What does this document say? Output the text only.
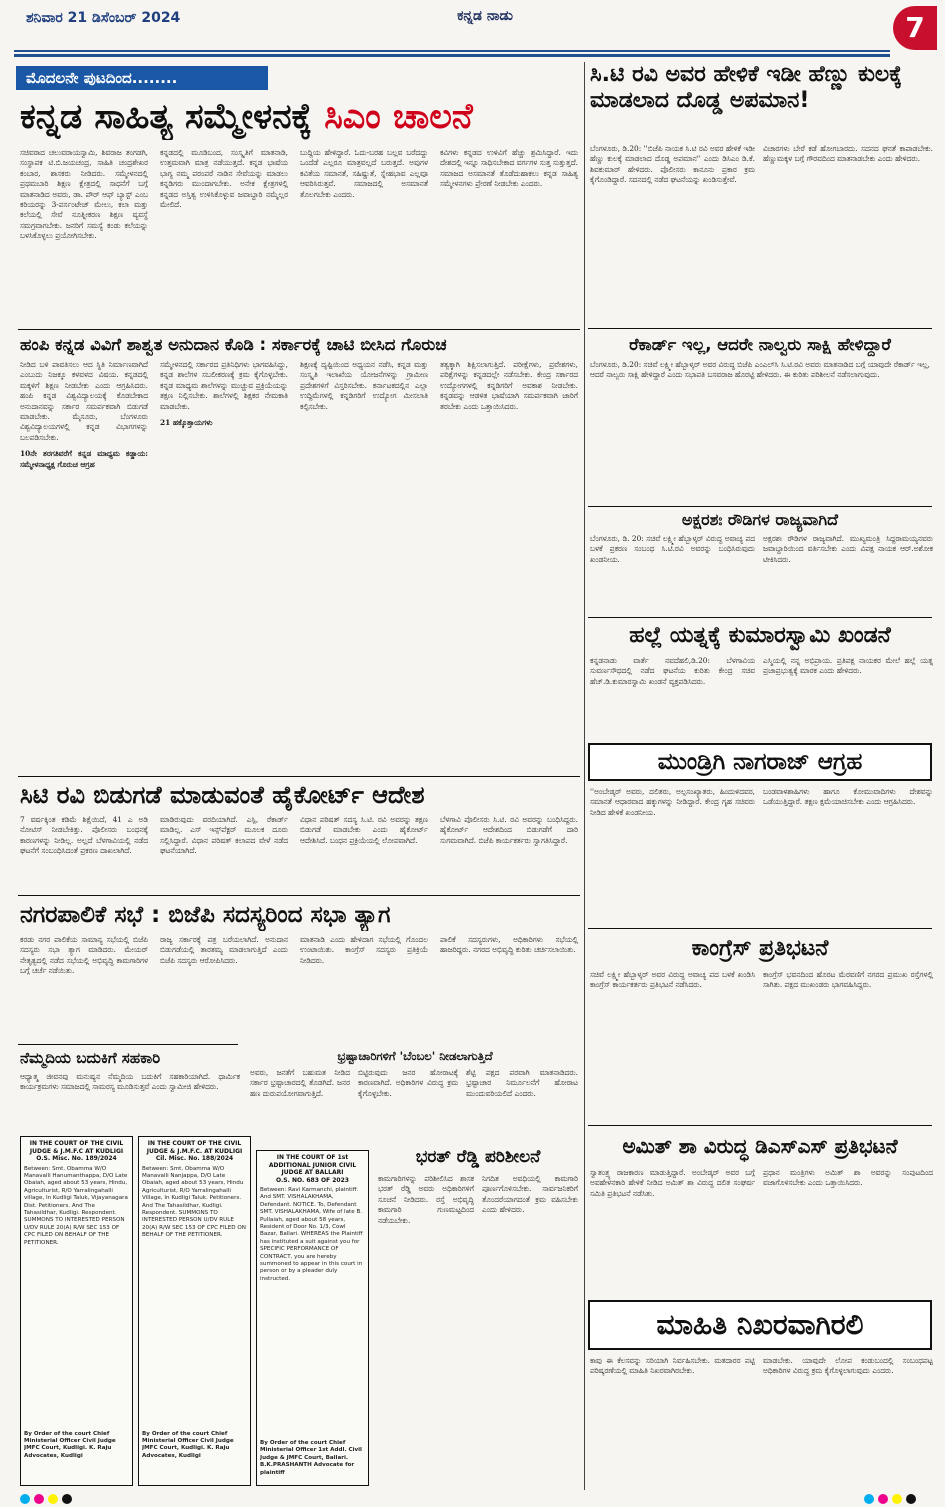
ಶನಿವಾರ 21 ಡಿಸೆಂಬರ್ 2024	ಕನ್ನಡ ನಾಡು	7
ಮೊದಲನೇ ಪುಟದಿಂದ........
ಕನ್ನಡ ಸಾಹಿತ್ಯ ಸಮ್ಮೇಳನಕ್ಕೆ ಸಿಎಂ ಚಾಲನೆ
ಸಚಿವರಾದ ಚಲುವರಾಯಸ್ವಾಮಿ, ಶಿವರಾಜ ತಂಗಡಗಿ, ಸಂಸ್ಥಾಪಕ ಟಿ.ಬಿ.ಜಯಚಂದ್ರ, ಸಾಹಿತಿ ಚಂದ್ರಶೇಖರ ಕಂಬಾರ, ಶಾಸಕರು ನೀಡಿದರು. ಸಮ್ಮೇಳನದಲ್ಲಿ ಪ್ರಥಮಬಾರಿ ಶಿಕ್ಷಣ ಕ್ಷೇತ್ರದಲ್ಲಿ ಸಾಧನೆಗೆ ಬಗ್ಗೆ ಮಾತನಾಡಿದ ಅವರು, ಡಾ. ಪೌರ್ ಆಫ್ ಬ್ಯಾಸ್ಟ್ ಎಂಬ ಕರಿಯರನ್ನು 3-ಪರ್ಸಂಟೇಜ್ ಮೇಲು, ಕಲಾ ಮತ್ತು ಕಲೆಯಲ್ಲಿ ಸೇವೆ ನೂತ್ನೀಕರಣ ಶಿಕ್ಷಣ ವ್ಯವಸ್ಥೆ ಸಮಗ್ರವಾಗಬೇಕು. ಜನರಿಗೆ ಸಮಸ್ಯೆ ಕಂಡು ಕಲೆಯನ್ನು ಬಳಸಿಕೊಳ್ಳಲು ಪ್ರಯೋಗಿಸಬೇಕು.
ಕನ್ನಡದಲ್ಲಿ ಮೂಡಿಬಂದ, ಸಂಸ್ಕೃತಿಗೆ ಮಾತನಾಡಿ, ಉತ್ತಮವಾಗಿ ಮಾತ್ರ ನಡೆಯುತ್ತದೆ. ಕನ್ನಡ ಭಾಷೆಯ ಭಾಗ್ಯ ನಮ್ಮ ಪರಂಪರೆ ನಾಡಿನ ಸೇವೆಯನ್ನು ಮಾಡಲು ಕನ್ನಡಿಗರು ಮುಂದಾಗಬೇಕು. ಅನೇಕ ಕ್ಷೇತ್ರಗಳಲ್ಲಿ ಕನ್ನಡದ ಅಸ್ತಿತ್ವ ಉಳಿಸಿಕೊಳ್ಳುವ ಜವಾಬ್ದಾರಿ ನಮ್ಮೆಲ್ಲರ ಮೇಲಿದೆ.
ಬುದ್ದಿಯ ಹೇಳಿದ್ದಾರೆ. ಓದು-ಬರಹ ಬಲ್ಲವ ಬರೆದದ್ದು ಒಂದೆಡೆ ಎಲ್ಲರೂ ಮಾತ್ರವಲ್ಲದೆ ಬರುತ್ತದೆ. ಅವುಗಳ ಕವಿತೆಯ ಸಮಾನತೆ, ಸಹಿಷ್ಣುತೆ, ಸ್ನೇಹಭಾವ ಎಲ್ಲವೂ ಆವರಿಸಿರುತ್ತವೆ. ಸಮಾಜದಲ್ಲಿ ಅಸಮಾನತೆ ತೊಲಗಬೇಕು ಎಂದರು.
ಕವಿಗಳು ಕನ್ನಡದ ಉಳಿವಿಗೆ ಹೆಚ್ಚು ಶ್ರಮಿಸಿದ್ದಾರೆ. ಇದು ದೇಶದಲ್ಲಿ ಇನ್ನೂ ಸಾಧಿಸಬೇಕಾದ ವರ್ಗಗಳ ಸುತ್ತ ಸುತ್ತುತ್ತದೆ. ಸಮಾಜದ ಅಸಮಾನತೆ ತೊಡೆದುಹಾಕಲು ಕನ್ನಡ ಸಾಹಿತ್ಯ ಸಮ್ಮೇಳನಗಳು ಪ್ರೇರಣೆ ನೀಡಬೇಕು ಎಂದರು.
ಹಂಪಿ ಕನ್ನಡ ವಿವಿಗೆ ಶಾಶ್ವತ ಅನುದಾನ ಕೊಡಿ : ಸರ್ಕಾರಕ್ಕೆ ಚಾಟಿ ಬೀಸಿದ ಗೊರುಚ
ನೀಡಿದ ಬಳಿ ಪಾವತಿಸಲು ಆದ ಸ್ಥಿತಿ ನಿರ್ಮಾಣವಾಗಿದೆ ಎಂಬುದು ನಿಜಕ್ಕೂ ಕಳವಳದ ವಿಷಯ. ಕನ್ನಡದಲ್ಲಿ ಮಕ್ಕಳಿಗೆ ಶಿಕ್ಷಣ ನೀಡಬೇಕು ಎಂದು ಆಗ್ರಹಿಸಿದರು. ಹಂಪಿ ಕನ್ನಡ ವಿಶ್ವವಿದ್ಯಾಲಯಕ್ಕೆ ಕೊಡಬೇಕಾದ ಅನುದಾನವನ್ನು ಸರ್ಕಾರ ಸಮರ್ಪಕವಾಗಿ ಬಿಡುಗಡೆ ಮಾಡಬೇಕು. ಮೈಸೂರು, ಬೆಂಗಳೂರು ವಿಶ್ವವಿದ್ಯಾಲಯಗಳಲ್ಲಿ ಕನ್ನಡ ವಿಭಾಗಗಳನ್ನು ಬಲಪಡಿಸಬೇಕು.
10ನೇ ತರಗತಿವರೆಗೆ ಕನ್ನಡ ಮಾಧ್ಯಮ ಕಡ್ಡಾಯ: ಸಮ್ಮೇಳನಾಧ್ಯಕ್ಷ ಗೊರುಚ ಆಗ್ರಹ
ಸಮ್ಮೇಳನದಲ್ಲಿ ಸರ್ಕಾರದ ಪ್ರತಿನಿಧಿಗಳು ಭಾಗವಹಿಸಿದ್ದು, ಕನ್ನಡ ಶಾಲೆಗಳ ಸಬಲೀಕರಣಕ್ಕೆ ಕ್ರಮ ಕೈಗೊಳ್ಳಬೇಕು. ಕನ್ನಡ ಮಾಧ್ಯಮ ಶಾಲೆಗಳನ್ನು ಮುಚ್ಚುವ ಪ್ರಕ್ರಿಯೆಯನ್ನು ತಕ್ಷಣ ನಿಲ್ಲಿಸಬೇಕು. ಶಾಲೆಗಳಲ್ಲಿ ಶಿಕ್ಷಕರ ನೇಮಕಾತಿ ಮಾಡಬೇಕು.
21 ಹಕ್ಕೊತ್ತಾಯಗಳು
ಶಿಕ್ಷಣಕ್ಕೆ ದೃಷ್ಟಿಯಿಂದ ಅಧ್ಯಯನ ನಡೆಸಿ, ಕನ್ನಡ ಮತ್ತು ಸಂಸ್ಕೃತಿ ಇಲಾಖೆಯ ಯೋಜನೆಗಳನ್ನು ಗ್ರಾಮೀಣ ಪ್ರದೇಶಗಳಿಗೆ ವಿಸ್ತರಿಸಬೇಕು. ಕರ್ನಾಟಕದಲ್ಲಿನ ಎಲ್ಲಾ ಉದ್ದಿಮೆಗಳಲ್ಲಿ ಕನ್ನಡಿಗರಿಗೆ ಉದ್ಯೋಗ ಮೀಸಲಾತಿ ಕಲ್ಪಿಸಬೇಕು.
ತತ್ವಕ್ಕಾಗಿ ಶಿಕ್ಷಿಸಲಾಗುತ್ತಿದೆ. ಪರೀಕ್ಷೆಗಳು, ಪ್ರವೇಶಗಳು, ಪರಿಕ್ಷೆಗಳನ್ನು ಕನ್ನಡದಲ್ಲೇ ನಡೆಸಬೇಕು. ಕೇಂದ್ರ ಸರ್ಕಾರದ ಉದ್ಯೋಗಗಳಲ್ಲಿ ಕನ್ನಡಿಗರಿಗೆ ಅವಕಾಶ ನೀಡಬೇಕು. ಕನ್ನಡವನ್ನು ಆಡಳಿತ ಭಾಷೆಯಾಗಿ ಸಮರ್ಪಕವಾಗಿ ಜಾರಿಗೆ ತರಬೇಕು ಎಂದು ಒತ್ತಾಯಿಸಿದರು.
ಸಿಟಿ ರವಿ ಬಿಡುಗಡೆ ಮಾಡುವಂತೆ ಹೈಕೋರ್ಟ್ ಆದೇಶ
7 ವರ್ಷಕ್ಕಿಂತ ಕಡಿಮೆ ಶಿಕ್ಷೆಯಿದೆ, 41 ಎ ಅಡಿ ನೋಟಿಸ್ ನೀಡಬೇಕಿತ್ತು. ಪೊಲೀಸರು ಬಂಧನಕ್ಕೆ ಕಾರಣಗಳನ್ನು ನೀಡಿಲ್ಲ. ಅಲ್ಲದೆ ಬೆಳಗಾವಿಯಲ್ಲಿ ನಡೆದ ಘಟನೆಗೆ ಸಂಬಂಧಿಸಿದಂತೆ ಪ್ರಕರಣ ದಾಖಲಾಗಿದೆ.
ಮಾಡಿರುವುದು ವರದಿಯಾಗಿದೆ. ಎಸ್ಪಿ, ರೆಕಾರ್ಡ್ ಮಾಡಿಲ್ಲ. ಎಸ್ ಇನ್ಸ್‌ಪೆಕ್ಟರ್ ಮೂಲಕ ದೂರು ಸಲ್ಲಿಸಿದ್ದಾರೆ. ವಿಧಾನ ಪರಿಷತ್ ಕಲಾಪದ ವೇಳೆ ನಡೆದ ಘಟನೆಯಾಗಿದೆ.
ವಿಧಾನ ಪರಿಷತ್ ಸದಸ್ಯ ಸಿ.ಟಿ. ರವಿ ಅವರನ್ನು ತಕ್ಷಣ ಬಿಡುಗಡೆ ಮಾಡಬೇಕು ಎಂದು ಹೈಕೋರ್ಟ್ ಆದೇಶಿಸಿದೆ. ಬಂಧನ ಪ್ರಕ್ರಿಯೆಯಲ್ಲಿ ಲೋಪವಾಗಿದೆ.
ಬೆಳಗಾವಿ ಪೊಲೀಸರು ಸಿ.ಟಿ. ರವಿ ಅವರನ್ನು ಬಂಧಿಸಿದ್ದರು. ಹೈಕೋರ್ಟ್ ಆದೇಶದಿಂದ ಬಿಡುಗಡೆಗೆ ದಾರಿ ಸುಗಮವಾಗಿದೆ. ಬಿಜೆಪಿ ಕಾರ್ಯಕರ್ತರು ಸ್ವಾಗತಿಸಿದ್ದಾರೆ.
ನಗರಪಾಲಿಕೆ ಸಭೆ : ಬಿಜೆಪಿ ಸದಸ್ಯರಿಂದ ಸಭಾ ತ್ಯಾಗ
ಕರಡು ನಗರ ಪಾಲಿಕೆಯ ಸಾಮಾನ್ಯ ಸಭೆಯಲ್ಲಿ ಬಿಜೆಪಿ ಸದಸ್ಯರು ಸಭಾ ತ್ಯಾಗ ಮಾಡಿದರು. ಮೇಯರ್ ನೇತೃತ್ವದಲ್ಲಿ ನಡೆದ ಸಭೆಯಲ್ಲಿ ಅಭಿವೃದ್ಧಿ ಕಾಮಗಾರಿಗಳ ಬಗ್ಗೆ ಚರ್ಚೆ ನಡೆಯಿತು.
ರಾಜ್ಯ ಸರ್ಕಾರಕ್ಕೆ ಪತ್ರ ಬರೆಯಲಾಗಿದೆ. ಅನುದಾನ ಬಿಡುಗಡೆಯಲ್ಲಿ ತಾರತಮ್ಯ ಮಾಡಲಾಗುತ್ತಿದೆ ಎಂದು ಬಿಜೆಪಿ ಸದಸ್ಯರು ಆರೋಪಿಸಿದರು.
ಮಾತನಾಡಿ ಎಂದು ಹೇಳಿದಾಗ ಸಭೆಯಲ್ಲಿ ಗೊಂದಲ ಉಂಟಾಯಿತು. ಕಾಂಗ್ರೆಸ್ ಸದಸ್ಯರು ಪ್ರತಿಕ್ರಿಯೆ ನೀಡಿದರು.
ಪಾಲಿಕೆ ಸದಸ್ಯರುಗಳು, ಅಧಿಕಾರಿಗಳು ಸಭೆಯಲ್ಲಿ ಹಾಜರಿದ್ದರು. ನಗರದ ಅಭಿವೃದ್ಧಿ ಕುರಿತು ಚರ್ಚಿಸಲಾಯಿತು.
ನೆಮ್ಮದಿಯ ಬದುಕಿಗೆ ಸಹಕಾರಿ
ಆಧ್ಯಾತ್ಮ ಜೀವನವು ಮನುಷ್ಯನ ನೆಮ್ಮದಿಯ ಬದುಕಿಗೆ ಸಹಕಾರಿಯಾಗಿದೆ. ಧಾರ್ಮಿಕ ಕಾರ್ಯಕ್ರಮಗಳು ಸಮಾಜದಲ್ಲಿ ಸಾಮರಸ್ಯ ಮೂಡಿಸುತ್ತವೆ ಎಂದು ಸ್ವಾಮೀಜಿ ಹೇಳಿದರು.
ಭ್ರಷ್ಟಾಚಾರಿಗಳಿಗೆ 'ಬೆಂಬಲ' ನೀಡಲಾಗುತ್ತಿದೆ
ಅವರು, ಜನತೆಗೆ ಬಹುಮತ ನೀಡಿದ ಸರ್ಕಾರ ಭ್ರಷ್ಟಾಚಾರದಲ್ಲಿ ತೊಡಗಿದೆ. ಜನರ ಹಣ ದುರುಪಯೋಗವಾಗುತ್ತಿದೆ.
ಬಿಟ್ಟಿರುವುದು ಜನರ ಹೋರಾಟಕ್ಕೆ ಕಾರಣವಾಗಿದೆ. ಅಧಿಕಾರಿಗಳ ವಿರುದ್ಧ ಕ್ರಮ ಕೈಗೊಳ್ಳಬೇಕು.
ಶೆಟ್ಟಿ ಪಕ್ಷದ ಪರವಾಗಿ ಮಾತನಾಡಿದರು. ಭ್ರಷ್ಟಾಚಾರ ನಿರ್ಮೂಲನೆಗೆ ಹೋರಾಟ ಮುಂದುವರಿಯಲಿದೆ ಎಂದರು.
IN THE COURT OF THE CIVIL JUDGE & J.M.F.C AT KUDLIGI
O.S. Misc. No. 189/2024
Between: Smt. Obamma W/O Manavalli Hanumanthappa, D/O Late Obaiah, aged about 53 years, Hindu, Agriculturist, R/O Yarralingahalli village, In Kudligi Taluk, Vijayanagara Dist. Petitioners. And The Tahasildhar, Kudligi. Respondent. SUMMONS TO INTERESTED PERSON U/DV RULE 20(A) R/W SEC 153 OF CPC FILED ON BEHALF OF THE PETITIONER.
By Order of the court Chief Ministerial Officer Civil Judge JMFC Court, Kudligi. K. Raju Advocates, Kudligi
IN THE COURT OF THE CIVIL JUDGE & J.M.F.C. AT KUDLIGI
Cil. Misc. No. 188/2024
Between: Smt. Obamma W/O Manavalli Nanjappa, D/O Late Obaiah, aged about 53 years, Hindu Agriculturist, R/O Yarralingahalli Village, In Kudligi Taluk. Petitioners. And The Tahasildhar, Kudligi. Respondent. SUMMONS TO INTERESTED PERSON U/DV RULE 20(A) R/W SEC 153 OF CPC FILED ON BEHALF OF THE PETITIONER.
By Order of the court Chief Ministerial Officer Civil Judge JMFC Court, Kudligi. K. Raju Advocates, Kudligi
IN THE COURT OF 1st ADDITIONAL JUNIOR CIVIL JUDGE AT BALLARI
O.S. NO. 683 OF 2023
Between: Ravi Karmanchi, plaintiff. And SMT. VISHALAKHAMA, Defendant. NOTICE. To, Defendant SMT. VISHALAKHAMA, Wife of late B. Pullaiah, aged about 58 years, Resident of Door No. 1/3, Cowl Bazar, Ballari. WHEREAS the Plaintiff has instituted a suit against you for SPECIFIC PERFORMANCE OF CONTRACT, you are hereby summoned to appear in this court in person or by a pleader duly instructed.
By Order of the court Chief Ministerial Officer 1st Addl. Civil Judge & JMFC Court, Ballari. B.K.PRASHANTH Advocate for plaintiff
ಭರತ್ ರೆಡ್ಡಿ ಪರಿಶೀಲನೆ
ಕಾಮಗಾರಿಗಳನ್ನು ಪರಿಶೀಲಿಸಿದ ಶಾಸಕ ಭರತ್ ರೆಡ್ಡಿ ಅವರು ಅಧಿಕಾರಿಗಳಿಗೆ ಸೂಚನೆ ನೀಡಿದರು. ರಸ್ತೆ ಅಭಿವೃದ್ಧಿ ಕಾಮಗಾರಿ ಗುಣಮಟ್ಟದಿಂದ ನಡೆಯಬೇಕು.
ನಿಗದಿತ ಅವಧಿಯಲ್ಲಿ ಕಾಮಗಾರಿ ಪೂರ್ಣಗೊಳಿಸಬೇಕು. ಸಾರ್ವಜನಿಕರಿಗೆ ತೊಂದರೆಯಾಗದಂತೆ ಕ್ರಮ ವಹಿಸಬೇಕು ಎಂದು ಹೇಳಿದರು.
ಸಿ.ಟಿ ರವಿ ಅವರ ಹೇಳಿಕೆ ಇಡೀ ಹೆಣ್ಣು ಕುಲಕ್ಕೆ ಮಾಡಲಾದ ದೊಡ್ಡ ಅಪಮಾನ!
ಬೆಂಗಳೂರು, ಡಿ.20: ''ಬಿಜೆಪಿ ನಾಯಕ ಸಿ.ಟಿ ರವಿ ಅವರ ಹೇಳಿಕೆ ಇಡೀ ಹೆಣ್ಣು ಕುಲಕ್ಕೆ ಮಾಡಲಾದ ದೊಡ್ಡ ಅಪಮಾನ'' ಎಂದು ಡಿಸಿಎಂ ಡಿ.ಕೆ. ಶಿವಕುಮಾರ್ ಹೇಳಿದರು. ಪೊಲೀಸರು ಕಾನೂನು ಪ್ರಕಾರ ಕ್ರಮ ಕೈಗೊಂಡಿದ್ದಾರೆ. ಸದನದಲ್ಲಿ ನಡೆದ ಘಟನೆಯನ್ನು ಖಂಡಿಸುತ್ತೇವೆ.
ವಿಚಾರಗಳು ಬೇರೆ ಕಡೆ ಹೋಗಬಾರದು. ಸದನದ ಘನತೆ ಕಾಪಾಡಬೇಕು. ಹೆಣ್ಣುಮಕ್ಕಳ ಬಗ್ಗೆ ಗೌರವದಿಂದ ಮಾತನಾಡಬೇಕು ಎಂದು ಹೇಳಿದರು.
ರೆಕಾರ್ಡ್ ಇಲ್ಲ, ಆದರೇ ನಾಲ್ವರು ಸಾಕ್ಷಿ ಹೇಳಿದ್ದಾರೆ
ಬೆಂಗಳೂರು, ಡಿ.20: ಸಚಿವೆ ಲಕ್ಷ್ಮೀ ಹೆಬ್ಬಾಳ್ಕರ್ ಅವರ ವಿರುದ್ಧ ಬಿಜೆಪಿ ಎಂಎಲ್‌ಸಿ ಸಿ.ಟಿ.ರವಿ ಅವರು ಮಾತನಾಡಿದ ಬಗ್ಗೆ ಯಾವುದೇ ರೆಕಾರ್ಡ್ ಇಲ್ಲ, ಆದರೆ ನಾಲ್ವರು ಸಾಕ್ಷಿ ಹೇಳಿದ್ದಾರೆ ಎಂದು ಸಭಾಪತಿ ಬಸವರಾಜ ಹೊರಟ್ಟಿ ಹೇಳಿದರು. ಈ ಕುರಿತು ಪರಿಶೀಲನೆ ನಡೆಸಲಾಗುವುದು.
ಅಕ್ಷರಶಃ ರೌಡಿಗಳ ರಾಜ್ಯವಾಗಿದೆ
ಬೆಂಗಳೂರು, ಡಿ. 20: ಸಚಿವೆ ಲಕ್ಷ್ಮೀ ಹೆಬ್ಬಾಳ್ಕರ್ ವಿರುದ್ಧ ಅವಾಚ್ಯ ಪದ ಬಳಕೆ ಪ್ರಕರಣ ಸಂಬಂಧ ಸಿ.ಟಿ.ರವಿ ಅವರನ್ನು ಬಂಧಿಸಿರುವುದು ಖಂಡನೀಯ.
ಅಕ್ಷರಶಃ ರೌಡಿಗಳ ರಾಜ್ಯವಾಗಿದೆ. ಮುಖ್ಯಮಂತ್ರಿ ಸಿದ್ದರಾಮಯ್ಯನವರು ಜವಾಬ್ದಾರಿಯಿಂದ ವರ್ತಿಸಬೇಕು ಎಂದು ವಿಪಕ್ಷ ನಾಯಕ ಆರ್.ಅಶೋಕ ಟೀಕಿಸಿದರು.
ಹಲ್ಲೆ ಯತ್ನಕ್ಕೆ ಕುಮಾರಸ್ವಾಮಿ ಖಂಡನೆ
ಕನ್ನಡನಾಡು ವಾರ್ತೆ ನವದೆಹಲಿ,ಡಿ.20: ಬೆಳಗಾವಿಯ ಸುವರ್ಣಸೌಧದಲ್ಲಿ ನಡೆದ ಘಟನೆಯ ಕುರಿತು ಕೇಂದ್ರ ಸಚಿವ ಹೆಚ್.ಡಿ.ಕುಮಾರಸ್ವಾಮಿ ಖಂಡನೆ ವ್ಯಕ್ತಪಡಿಸಿದರು.
ಎಸ್ಮಿಯಲ್ಲಿ ನನ್ನ ಅಭಿಪ್ರಾಯ. ಪ್ರತಿಪಕ್ಷ ನಾಯಕರ ಮೇಲೆ ಹಲ್ಲೆ ಯತ್ನ ಪ್ರಜಾಪ್ರಭುತ್ವಕ್ಕೆ ಮಾರಕ ಎಂದು ಹೇಳಿದರು.
ಮುಂಡ್ರಿಗಿ ನಾಗರಾಜ್ ಆಗ್ರಹ
''ಅಂಬೇಡ್ಕರ್ ಅವರು, ದಲಿತರು, ಅಲ್ಪಸಂಖ್ಯಾತರು, ಹಿಂದುಳಿದವರ, ಸಮಾನತೆ ಆಧಾರವಾದ ಹಕ್ಕುಗಳನ್ನು ನೀಡಿದ್ದಾರೆ. ಕೇಂದ್ರ ಗೃಹ ಸಚಿವರು ನೀಡಿದ ಹೇಳಿಕೆ ಖಂಡನೀಯ.
ಬಂಡವಾಳಶಾಹಿಗಳು ಹಾಗೂ ಕೋಮುವಾದಿಗಳು ದೇಶವನ್ನು ಒಡೆಯುತ್ತಿದ್ದಾರೆ. ತಕ್ಷಣ ಕ್ಷಮೆಯಾಚಿಸಬೇಕು ಎಂದು ಆಗ್ರಹಿಸಿದರು.
ಕಾಂಗ್ರೆಸ್ ಪ್ರತಿಭಟನೆ
ಸಚಿವೆ ಲಕ್ಷ್ಮೀ ಹೆಬ್ಬಾಳ್ಕರ್ ಅವರ ವಿರುದ್ಧ ಅವಾಚ್ಯ ಪದ ಬಳಕೆ ಖಂಡಿಸಿ ಕಾಂಗ್ರೆಸ್ ಕಾರ್ಯಕರ್ತರು ಪ್ರತಿಭಟನೆ ನಡೆಸಿದರು.
ಕಾಂಗ್ರೆಸ್ ಭವನದಿಂದ ಹೊರಟ ಮೆರವಣಿಗೆ ನಗರದ ಪ್ರಮುಖ ರಸ್ತೆಗಳಲ್ಲಿ ಸಾಗಿತು. ಪಕ್ಷದ ಮುಖಂಡರು ಭಾಗವಹಿಸಿದ್ದರು.
ಅಮಿತ್ ಶಾ ವಿರುದ್ಧ ಡಿಎಸ್‌ಎಸ್ ಪ್ರತಿಭಟನೆ
ಸ್ವಾತಂತ್ರ್ಯ ರಾಜಕಾರಣ ಮಾಡುತ್ತಿದ್ದಾರೆ. ಅಂಬೇಡ್ಕರ್ ಅವರ ಬಗ್ಗೆ ಅವಹೇಳನಕಾರಿ ಹೇಳಿಕೆ ನೀಡಿದ ಅಮಿತ್ ಶಾ ವಿರುದ್ಧ ದಲಿತ ಸಂಘರ್ಷ ಸಮಿತಿ ಪ್ರತಿಭಟನೆ ನಡೆಸಿತು.
ಪ್ರಧಾನ ಮಂತ್ರಿಗಳು ಅಮಿತ್ ಶಾ ಅವರನ್ನು ಸಂಪುಟದಿಂದ ವಜಾಗೊಳಿಸಬೇಕು ಎಂದು ಒತ್ತಾಯಿಸಿದರು.
ಮಾಹಿತಿ ನಿಖರವಾಗಿರಲಿ
ಕಾವು ಈ ಕೆಲಸವನ್ನು ಸರಿಯಾಗಿ ನಿರ್ವಹಿಸಬೇಕು. ಮತದಾರರ ಪಟ್ಟಿ ಪರಿಷ್ಕರಣೆಯಲ್ಲಿ ಮಾಹಿತಿ ನಿಖರವಾಗಿರಬೇಕು.
ಮಾಡಬೇಕು. ಯಾವುದೇ ಲೋಪ ಕಂಡುಬಂದಲ್ಲಿ ಸಂಬಂಧಪಟ್ಟ ಅಧಿಕಾರಿಗಳ ವಿರುದ್ಧ ಕ್ರಮ ಕೈಗೊಳ್ಳಲಾಗುವುದು ಎಂದರು.
